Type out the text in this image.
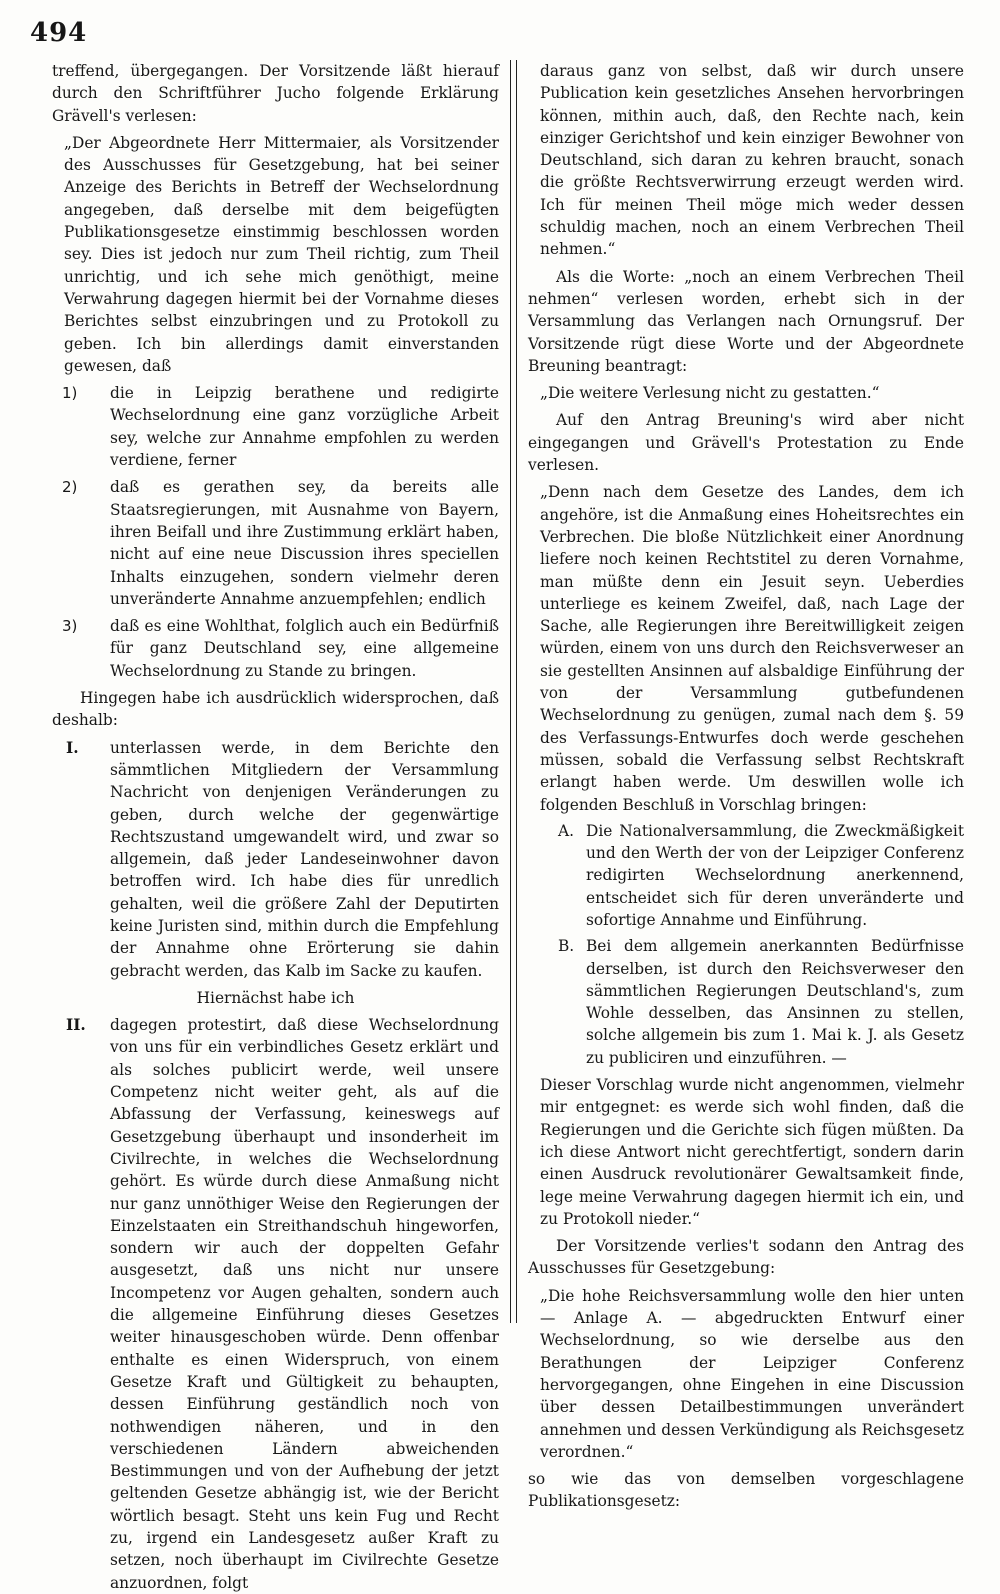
494

treffend, übergegangen. Der Vorsitzende läßt hierauf durch den Schriftführer Jucho folgende Erklärung Grävell's verlesen:

„Der Abgeordnete Herr Mittermaier, als Vorsitzender des Ausschusses für Gesetzgebung, hat bei seiner Anzeige des Berichts in Betreff der Wechselordnung angegeben, daß derselbe mit dem beigefügten Publikationsgesetze einstimmig beschlossen worden sey. Dies ist jedoch nur zum Theil richtig, zum Theil unrichtig, und ich sehe mich genöthigt, meine Verwahrung dagegen hiermit bei der Vornahme dieses Berichtes selbst einzubringen und zu Protokoll zu geben. Ich bin allerdings damit einverstanden gewesen, daß

1)	die in Leipzig berathene und redigirte Wechselordnung eine ganz vorzügliche Arbeit sey, welche zur Annahme empfohlen zu werden verdiene, ferner
2)	daß es gerathen sey, da bereits alle Staatsregierungen, mit Ausnahme von Bayern, ihren Beifall und ihre Zustimmung erklärt haben, nicht auf eine neue Discussion ihres speciellen Inhalts einzugehen, sondern vielmehr deren unveränderte Annahme anzuempfehlen; endlich
3)	daß es eine Wohlthat, folglich auch ein Bedürfniß für ganz Deutschland sey, eine allgemeine Wechselordnung zu Stande zu bringen.

Hingegen habe ich ausdrücklich widersprochen, daß deshalb:

I.	unterlassen werde, in dem Berichte den sämmtlichen Mitgliedern der Versammlung Nachricht von denjenigen Veränderungen zu geben, durch welche der gegenwärtige Rechtszustand umgewandelt wird, und zwar so allgemein, daß jeder Landeseinwohner davon betroffen wird. Ich habe dies für unredlich gehalten, weil die größere Zahl der Deputirten keine Juristen sind, mithin durch die Empfehlung der Annahme ohne Erörterung sie dahin gebracht werden, das Kalb im Sacke zu kaufen.

Hiernächst habe ich

II.	dagegen protestirt, daß diese Wechselordnung von uns für ein verbindliches Gesetz erklärt und als solches publicirt werde, weil unsere Competenz nicht weiter geht, als auf die Abfassung der Verfassung, keineswegs auf Gesetzgebung überhaupt und insonderheit im Civilrechte, in welches die Wechselordnung gehört. Es würde durch diese Anmaßung nicht nur ganz unnöthiger Weise den Regierungen der Einzelstaaten ein Streithandschuh hingeworfen, sondern wir auch der doppelten Gefahr ausgesetzt, daß uns nicht nur unsere Incompetenz vor Augen gehalten, sondern auch die allgemeine Einführung dieses Gesetzes weiter hinausgeschoben würde. Denn offenbar enthalte es einen Widerspruch, von einem Gesetze Kraft und Gültigkeit zu behaupten, dessen Einführung geständlich noch von nothwendigen näheren, und in den verschiedenen Ländern abweichenden Bestimmungen und von der Aufhebung der jetzt geltenden Gesetze abhängig ist, wie der Bericht wörtlich besagt. Steht uns kein Fug und Recht zu, irgend ein Landesgesetz außer Kraft zu setzen, noch überhaupt im Civilrechte Gesetze anzuordnen, folgt

daraus ganz von selbst, daß wir durch unsere Publication kein gesetzliches Ansehen hervorbringen können, mithin auch, daß, den Rechte nach, kein einziger Gerichtshof und kein einziger Bewohner von Deutschland, sich daran zu kehren braucht, sonach die größte Rechtsverwirrung erzeugt werden wird. Ich für meinen Theil möge mich weder dessen schuldig machen, noch an einem Verbrechen Theil nehmen.“

Als die Worte: „noch an einem Verbrechen Theil nehmen“ verlesen worden, erhebt sich in der Versammlung das Verlangen nach Ornungsruf. Der Vorsitzende rügt diese Worte und der Abgeordnete Breuning beantragt:

„Die weitere Verlesung nicht zu gestatten.“

Auf den Antrag Breuning's wird aber nicht eingegangen und Grävell's Protestation zu Ende verlesen.

„Denn nach dem Gesetze des Landes, dem ich angehöre, ist die Anmaßung eines Hoheitsrechtes ein Verbrechen. Die bloße Nützlichkeit einer Anordnung liefere noch keinen Rechtstitel zu deren Vornahme, man müßte denn ein Jesuit seyn. Ueberdies unterliege es keinem Zweifel, daß, nach Lage der Sache, alle Regierungen ihre Bereitwilligkeit zeigen würden, einem von uns durch den Reichsverweser an sie gestellten Ansinnen auf alsbaldige Einführung der von der Versammlung gutbefundenen Wechselordnung zu genügen, zumal nach dem §. 59 des Verfassungs-Entwurfes doch werde geschehen müssen, sobald die Verfassung selbst Rechtskraft erlangt haben werde. Um deswillen wolle ich folgenden Beschluß in Vorschlag bringen:

A. Die Nationalversammlung, die Zweckmäßigkeit und den Werth der von der Leipziger Conferenz redigirten Wechselordnung anerkennend, entscheidet sich für deren unveränderte und sofortige Annahme und Einführung.
B. Bei dem allgemein anerkannten Bedürfnisse derselben, ist durch den Reichsverweser den sämmtlichen Regierungen Deutschland's, zum Wohle desselben, das Ansinnen zu stellen, solche allgemein bis zum 1. Mai k. J. als Gesetz zu publiciren und einzuführen. —

Dieser Vorschlag wurde nicht angenommen, vielmehr mir entgegnet: es werde sich wohl finden, daß die Regierungen und die Gerichte sich fügen müßten. Da ich diese Antwort nicht gerechtfertigt, sondern darin einen Ausdruck revolutionärer Gewaltsamkeit finde, lege meine Verwahrung dagegen hiermit ich ein, und zu Protokoll nieder.“

Der Vorsitzende verlies't sodann den Antrag des Ausschusses für Gesetzgebung:

„Die hohe Reichsversammlung wolle den hier unten — Anlage A. — abgedruckten Entwurf einer Wechselordnung, so wie derselbe aus den Berathungen der Leipziger Conferenz hervorgegangen, ohne Eingehen in eine Discussion über dessen Detailbestimmungen unverändert annehmen und dessen Verkündigung als Reichsgesetz verordnen.“

so wie das von demselben vorgeschlagene Publikationsgesetz:
